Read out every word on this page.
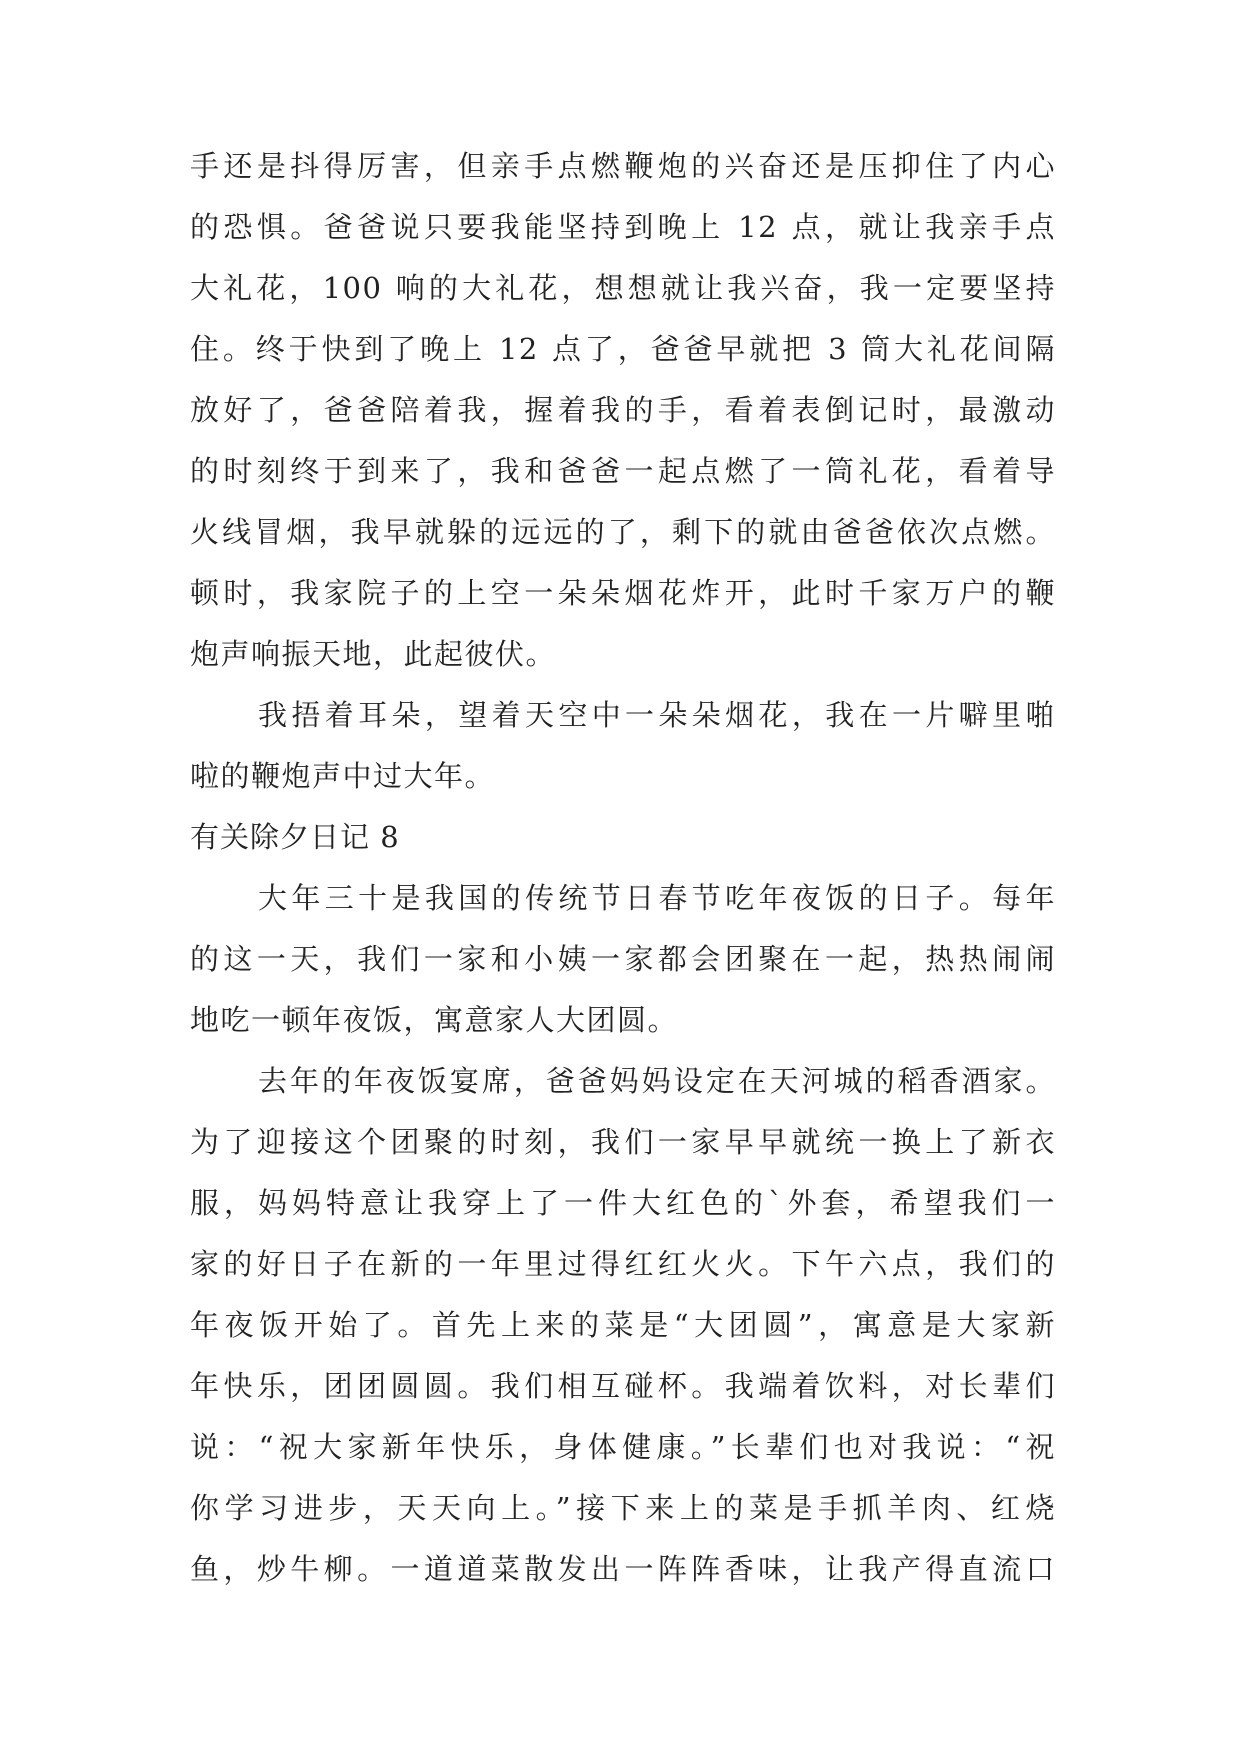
手还是抖得厉害，但亲手点燃鞭炮的兴奋还是压抑住了内心
的恐惧。爸爸说只要我能坚持到晚上 12 点，就让我亲手点
大礼花，100 响的大礼花，想想就让我兴奋，我一定要坚持
住。终于快到了晚上 12 点了，爸爸早就把 3 筒大礼花间隔
放好了，爸爸陪着我，握着我的手，看着表倒记时，最激动
的时刻终于到来了，我和爸爸一起点燃了一筒礼花，看着导
火线冒烟，我早就躲的远远的了，剩下的就由爸爸依次点燃。
顿时，我家院子的上空一朵朵烟花炸开，此时千家万户的鞭
炮声响振天地，此起彼伏。
我捂着耳朵，望着天空中一朵朵烟花，我在一片噼里啪
啦的鞭炮声中过大年。
有关除夕日记 8
大年三十是我国的传统节日春节吃年夜饭的日子。每年
的这一天，我们一家和小姨一家都会团聚在一起，热热闹闹
地吃一顿年夜饭，寓意家人大团圆。
去年的年夜饭宴席，爸爸妈妈设定在天河城的稻香酒家。
为了迎接这个团聚的时刻，我们一家早早就统一换上了新衣
服，妈妈特意让我穿上了一件大红色的`外套，希望我们一
家的好日子在新的一年里过得红红火火。下午六点，我们的
年夜饭开始了。首先上来的菜是“大团圆”，寓意是大家新
年快乐，团团圆圆。我们相互碰杯。我端着饮料，对长辈们
说：“祝大家新年快乐，身体健康。”长辈们也对我说：“祝
你学习进步，天天向上。”接下来上的菜是手抓羊肉、红烧
鱼，炒牛柳。一道道菜散发出一阵阵香味，让我产得直流口
